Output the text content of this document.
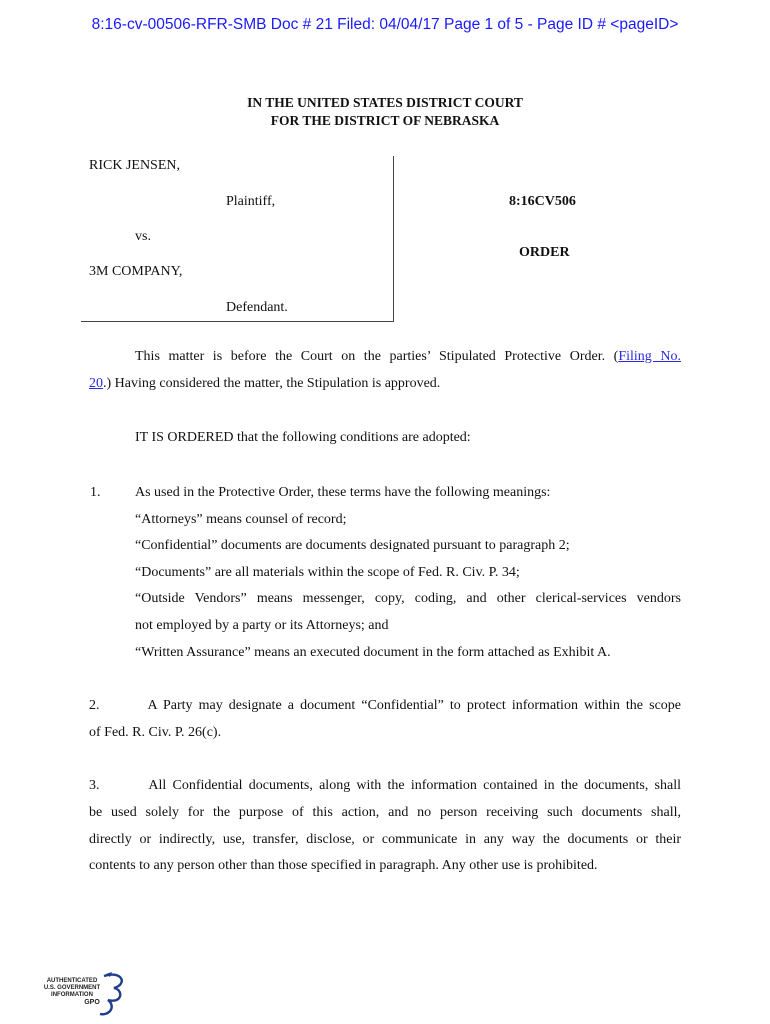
8:16-cv-00506-RFR-SMB Doc # 21 Filed: 04/04/17 Page 1 of 5 - Page ID # <pageID>
IN THE UNITED STATES DISTRICT COURT
FOR THE DISTRICT OF NEBRASKA
RICK JENSEN,
Plaintiff,
vs.
3M COMPANY,
Defendant.
8:16CV506
ORDER
This matter is before the Court on the parties’ Stipulated Protective Order. (Filing No.
20.) Having considered the matter, the Stipulation is approved.
IT IS ORDERED that the following conditions are adopted:
1. As used in the Protective Order, these terms have the following meanings:
“Attorneys” means counsel of record;
“Confidential” documents are documents designated pursuant to paragraph 2;
“Documents” are all materials within the scope of Fed. R. Civ. P. 34;
“Outside Vendors” means messenger, copy, coding, and other clerical-services vendors
not employed by a party or its Attorneys; and
“Written Assurance” means an executed document in the form attached as Exhibit A.
2.        A Party may designate a document “Confidential” to protect information within the scope
of Fed. R. Civ. P. 26(c).
3.        All Confidential documents, along with the information contained in the documents, shall
be used solely for the purpose of this action, and no person receiving such documents shall,
directly or indirectly, use, transfer, disclose, or communicate in any way the documents or their
contents to any person other than those specified in paragraph. Any other use is prohibited.
AUTHENTICATED
U.S. GOVERNMENT
INFORMATION
GPO
